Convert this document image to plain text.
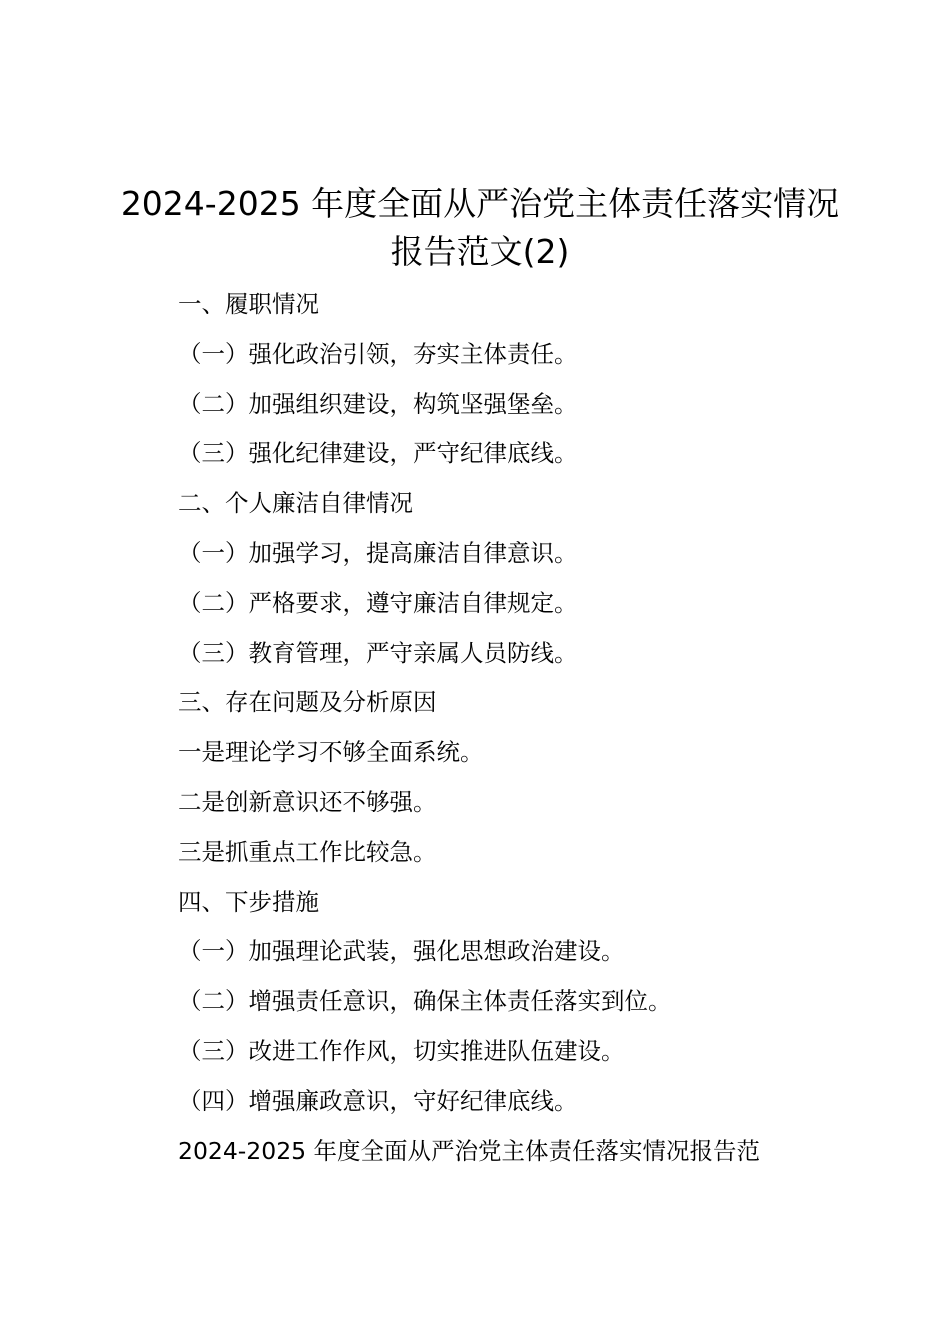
2024-2025 年度全面从严治党主体责任落实情况报告范文(2)
一、履职情况
（一）强化政治引领，夯实主体责任。
（二）加强组织建设，构筑坚强堡垒。
（三）强化纪律建设，严守纪律底线。
二、个人廉洁自律情况
（一）加强学习，提高廉洁自律意识。
（二）严格要求，遵守廉洁自律规定。
（三）教育管理，严守亲属人员防线。
三、存在问题及分析原因
一是理论学习不够全面系统。
二是创新意识还不够强。
三是抓重点工作比较急。
四、下步措施
（一）加强理论武装，强化思想政治建设。
（二）增强责任意识，确保主体责任落实到位。
（三）改进工作作风，切实推进队伍建设。
（四）增强廉政意识，守好纪律底线。
2024-2025 年度全面从严治党主体责任落实情况报告范
